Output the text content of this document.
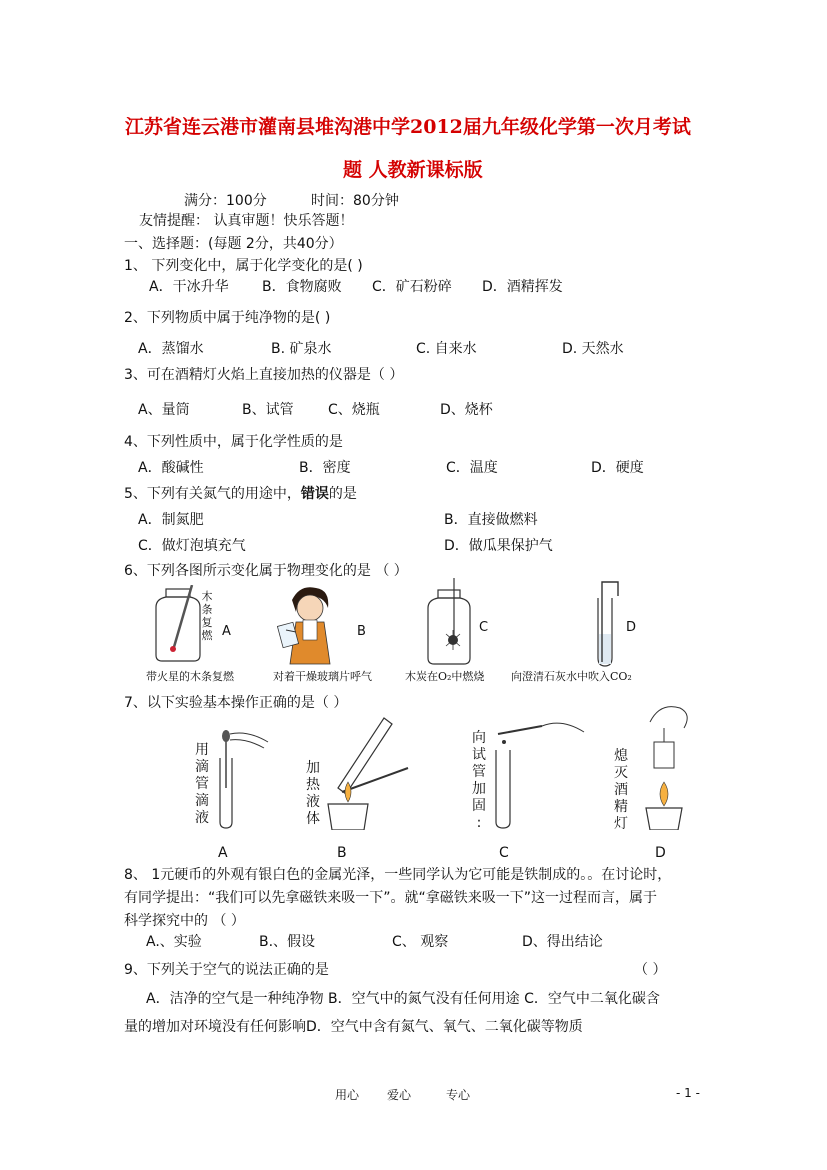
江苏省连云港市灌南县堆沟港中学2012届九年级化学第一次月考试
题 人教新课标版
满分：100分	时间：80分钟
友情提醒： 认真审题！快乐答题！
一、选择题：(每题 2分，共40分）
1、 下列变化中，属于化学变化的是( )
A．干冰升华 B．食物腐败 C．矿石粉碎 D．酒精挥发
2、下列物质中属于纯净物的是( )
A．蒸馏水	B. 矿泉水	C. 自来水	D. 天然水
3、可在酒精灯火焰上直接加热的仪器是（ ）
A、量筒	B、试管 C、烧瓶	D、烧杯
4、下列性质中，属于化学性质的是
A．酸碱性	B．密度	C．温度	D．硬度
5、下列有关氮气的用途中，错误的是
A．制氮肥	B．直接做燃料
C．做灯泡填充气	D．做瓜果保护气
6、下列各图所示变化属于物理变化的是 （ ）
木
条
复
燃 A	B	C	D
带火星的木条复燃	对着干燥玻璃片呼气	木炭在O₂中燃烧 向澄清石灰水中吹入CO₂
7、以下实验基本操作正确的是（ ）
用
滴
管
滴
液
A
加
热
液
体
B
向
试
管
加
固
:
C
熄
灭
酒
精
灯
D
8、 1元硬币的外观有银白色的金属光泽，一些同学认为它可能是铁制成的。。在讨论时，
有同学提出：“我们可以先拿磁铁来吸一下”。就“拿磁铁来吸一下”这一过程而言，属于
科学探究中的 （ ）
A.、实验	B.、假设	C、 观察	D、得出结论
9、下列关于空气的说法正确的是	（ ）
A．洁净的空气是一种纯净物 B．空气中的氮气没有任何用途 C．空气中二氧化碳含
量的增加对环境没有任何影响D．空气中含有氮气、氧气、二氧化碳等物质
用心 爱心	专心	- 1 -
